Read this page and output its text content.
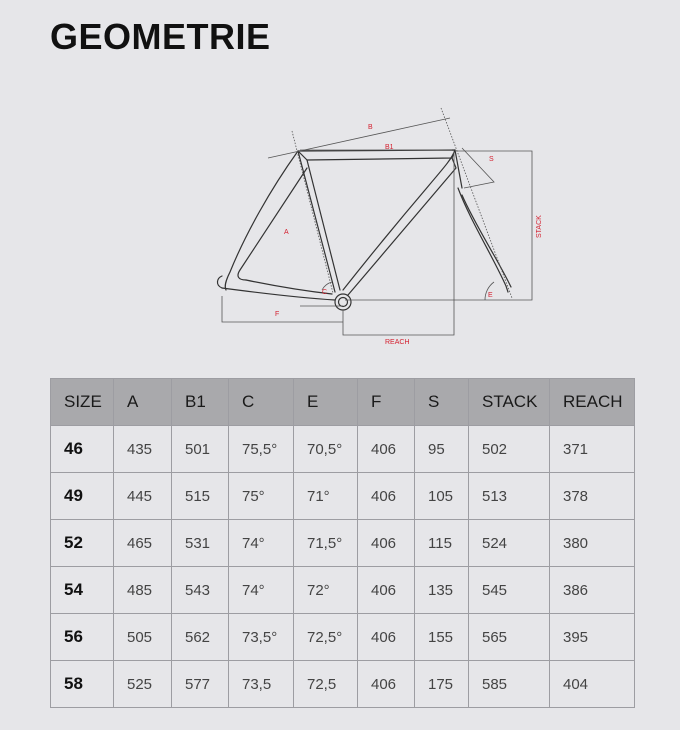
GEOMETRIE
B
B1
S
STACK
A
C	E
F
REACH
SIZE	A	B1	C	E	F	S	STACK	REACH
46	435	501	75,5°	70,5°	406	95	502	371
49	445	515	75°	71°	406	105	513	378
52	465	531	74°	71,5°	406	115	524	380
54	485	543	74°	72°	406	135	545	386
56	505	562	73,5°	72,5°	406	155	565	395
58	525	577	73,5	72,5	406	175	585	404
